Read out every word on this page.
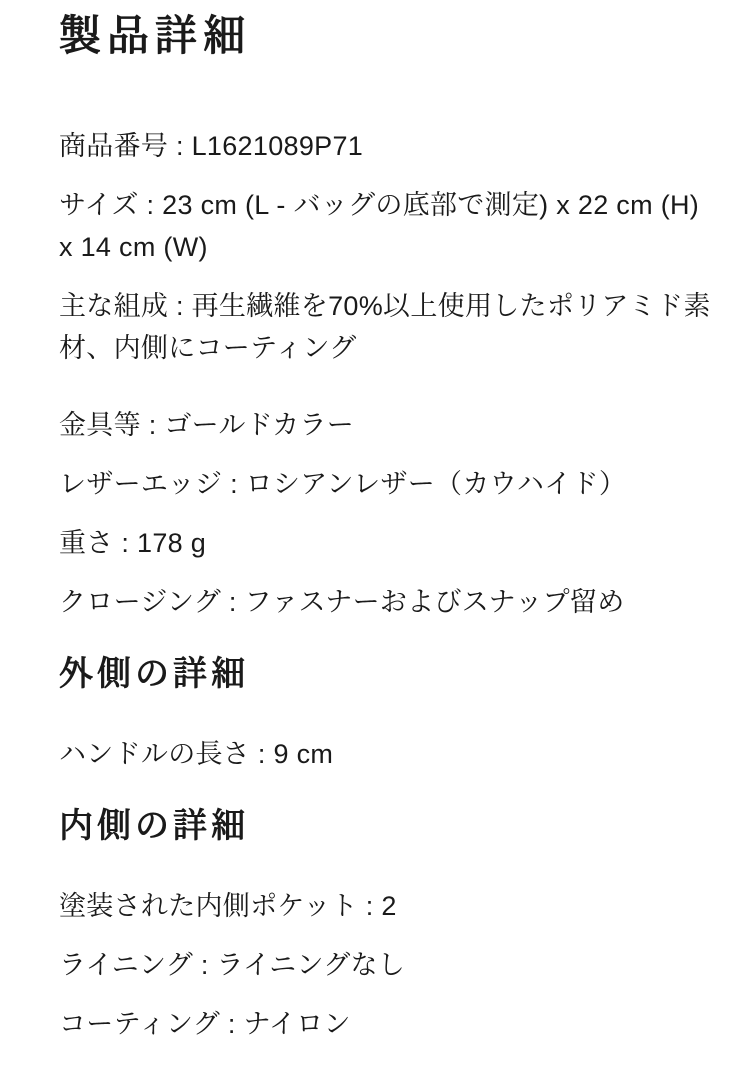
製品詳細

商品番号 : L1621089P71

サイズ : 23 cm (L - バッグの底部で測定) x 22 cm (H) x 14 cm (W)

主な組成 : 再生繊維を70%以上使用したポリアミド素材、内側にコーティング

金具等 : ゴールドカラー

レザーエッジ : ロシアンレザー（カウハイド）

重さ : 178 g

クロージング : ファスナーおよびスナップ留め

外側の詳細

ハンドルの長さ : 9 cm

内側の詳細

塗装された内側ポケット : 2

ライニング : ライニングなし

コーティング : ナイロン
